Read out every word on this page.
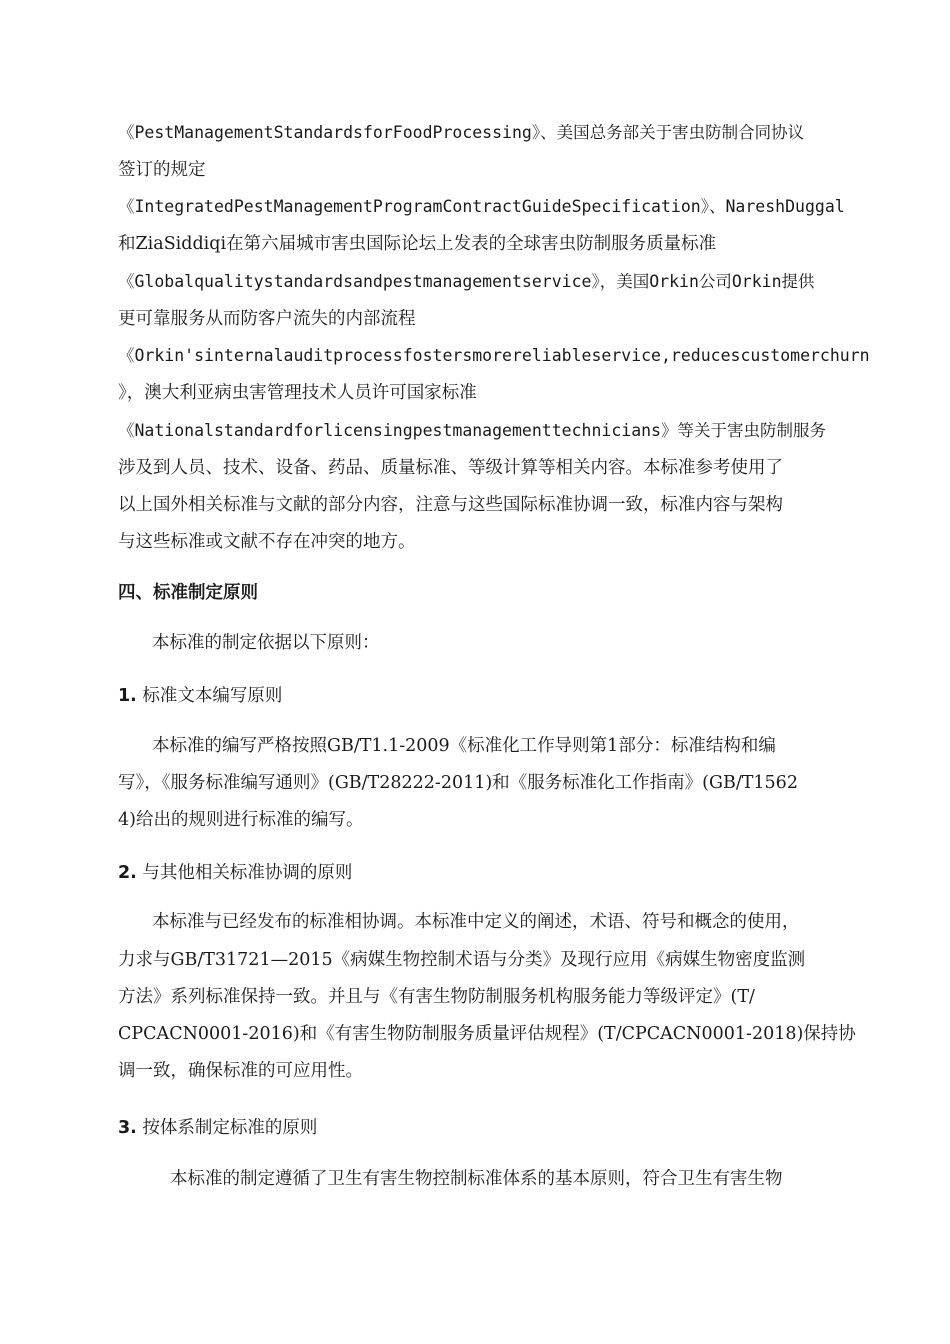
《PestManagementStandardsforFoodProcessing》、美国总务部关于害虫防制合同协议
签订的规定
《IntegratedPestManagementProgramContractGuideSpecification》、NareshDuggal
和ZiaSiddiqi在第六届城市害虫国际论坛上发表的全球害虫防制服务质量标准
《Globalqualitystandardsandpestmanagementservice》，美国Orkin公司Orkin提供
更可靠服务从而防客户流失的内部流程
《Orkin'sinternalauditprocessfostersmorereliableservice,reducescustomerchurn
》，澳大利亚病虫害管理技术人员许可国家标准
《Nationalstandardforlicensingpestmanagementtechnicians》等关于害虫防制服务
涉及到人员、技术、设备、药品、质量标准、等级计算等相关内容。本标准参考使用了
以上国外相关标准与文献的部分内容，注意与这些国际标准协调一致，标准内容与架构
与这些标准或文献不存在冲突的地方。
四、标准制定原则
本标准的制定依据以下原则：
1. 标准文本编写原则
本标准的编写严格按照GB/T1.1-2009《标准化工作导则第1部分：标准结构和编
写》，《服务标准编写通则》(GB/T28222-2011)和《服务标准化工作指南》(GB/T1562
4)给出的规则进行标准的编写。
2. 与其他相关标准协调的原则
本标准与已经发布的标准相协调。本标准中定义的阐述，术语、符号和概念的使用，
力求与GB/T31721—2015《病媒生物控制术语与分类》及现行应用《病媒生物密度监测
方法》系列标准保持一致。并且与《有害生物防制服务机构服务能力等级评定》(T/
CPCACN0001-2016)和《有害生物防制服务质量评估规程》(T/CPCACN0001-2018)保持协
调一致，确保标准的可应用性。
3. 按体系制定标准的原则
本标准的制定遵循了卫生有害生物控制标准体系的基本原则，符合卫生有害生物
